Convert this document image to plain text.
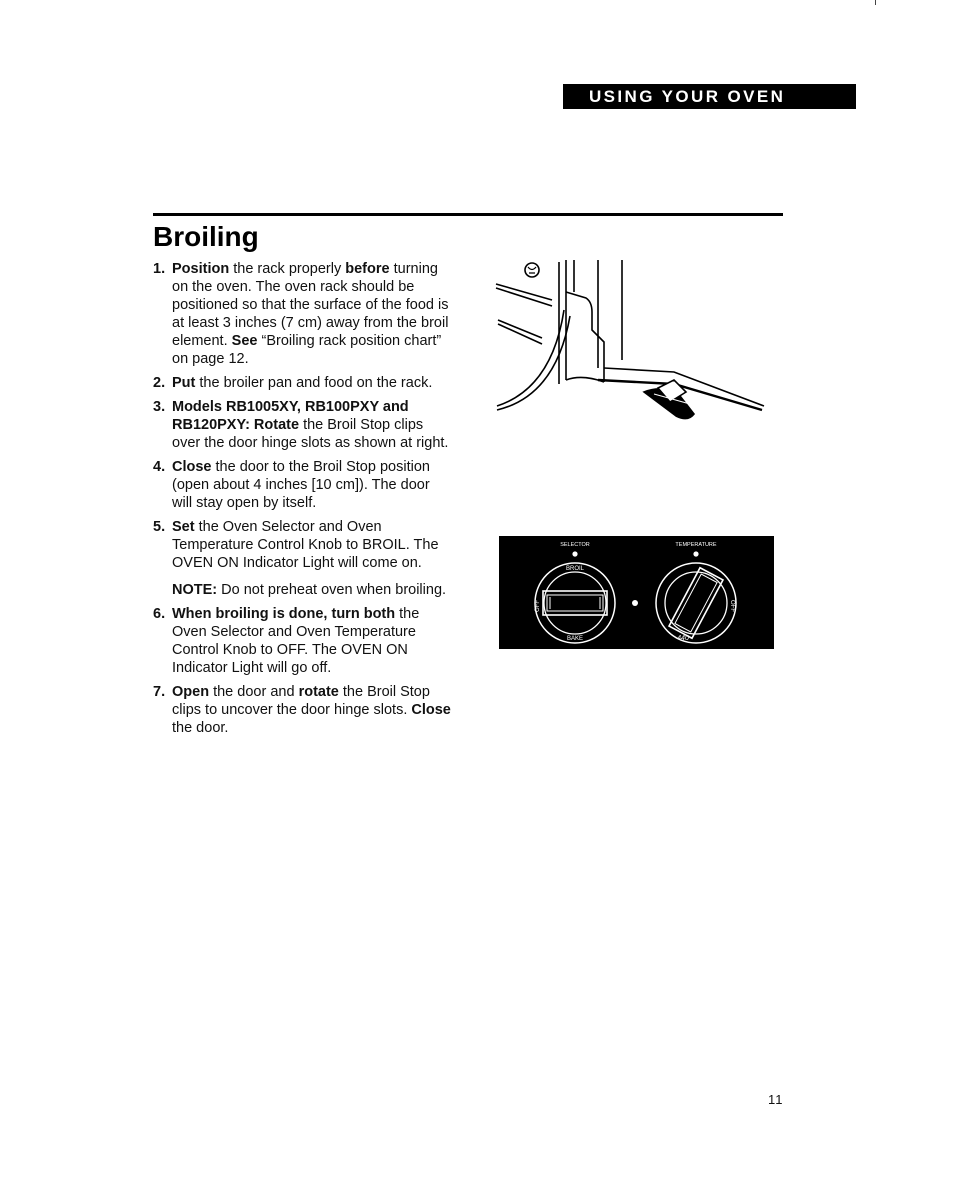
USING YOUR OVEN
Broiling
1. Position the rack properly before turning on the oven. The oven rack should be positioned so that the surface of the food is at least 3 inches (7 cm) away from the broil element. See “Broiling rack position chart” on page 12.
2. Put the broiler pan and food on the rack.
3. Models RB1005XY, RB100PXY and RB120PXY: Rotate the Broil Stop clips over the door hinge slots as shown at right.
4. Close the door to the Broil Stop position (open about 4 inches [10 cm]). The door will stay open by itself.
5. Set the Oven Selector and Oven Temperature Control Knob to BROIL. The OVEN ON Indicator Light will come on.

NOTE: Do not preheat oven when broiling.

6. When broiling is done, turn both the Oven Selector and Oven Temperature Control Knob to OFF. The OVEN ON Indicator Light will go off.
7. Open the door and rotate the Broil Stop clips to uncover the door hinge slots. Close the door.
SELECTOR	TEMPERATURE
BROIL
OFF
BAKE	440
OFF
11
